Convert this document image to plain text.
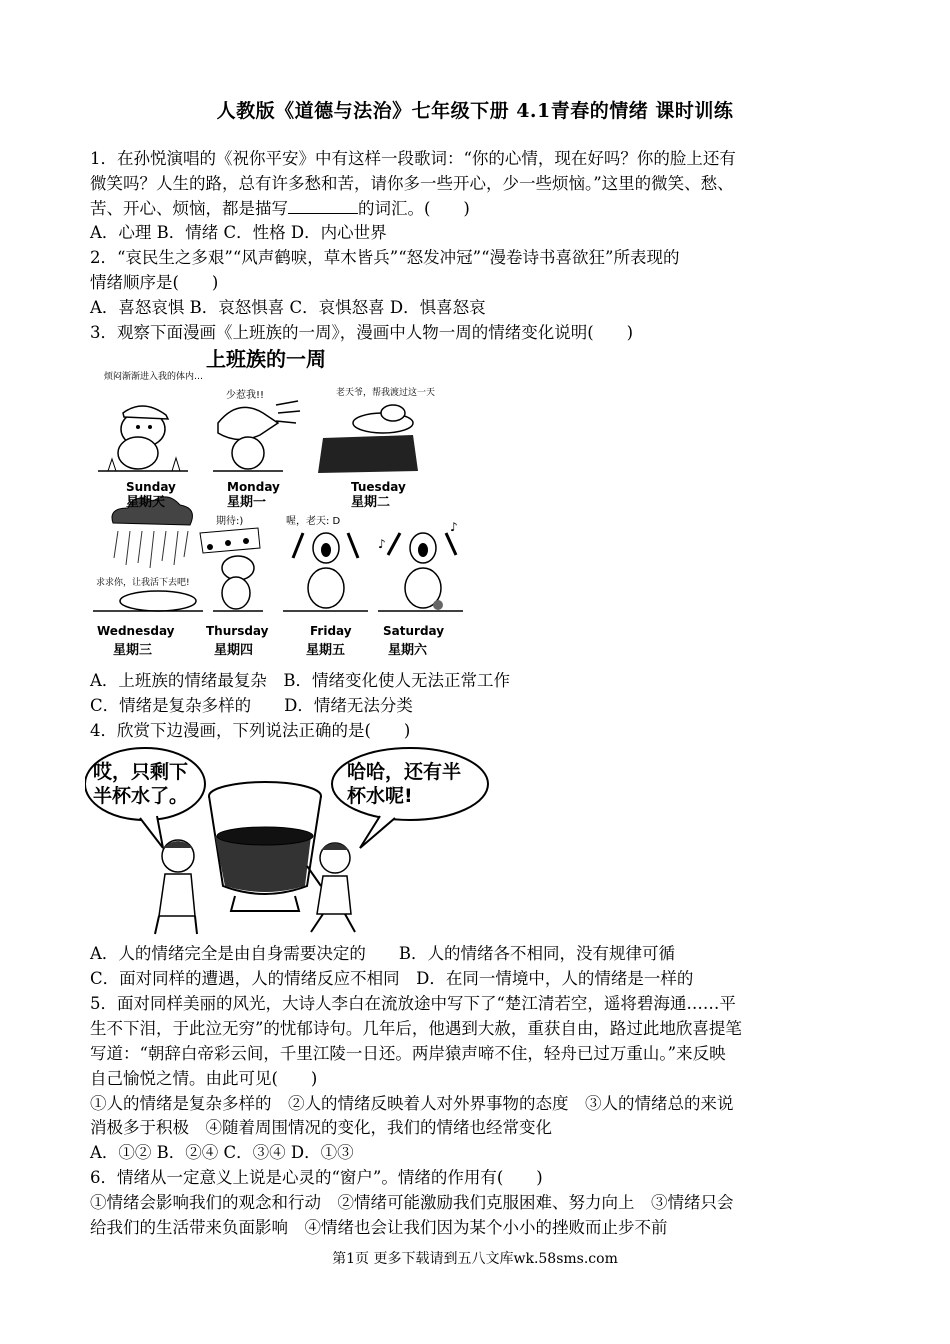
人教版《道德与法治》七年级下册 4.1青春的情绪 课时训练
1．在孙悦演唱的《祝你平安》中有这样一段歌词：“你的心情，现在好吗？你的脸上还有
微笑吗？人生的路，总有许多愁和苦，请你多一些开心，少一些烦恼。”这里的微笑、愁、
苦、开心、烦恼，都是描写	的词汇。(　　)
A．心理 B．情绪 C．性格 D．内心世界
2．“哀民生之多艰”“风声鹤唳，草木皆兵”“怒发冲冠”“漫卷诗书喜欲狂”所表现的
情绪顺序是(　　)
A．喜怒哀惧 B．哀怒惧喜 C．哀惧怒喜 D．惧喜怒哀
3．观察下面漫画《上班族的一周》，漫画中人物一周的情绪变化说明(　　)
上班族的一周
烦闷渐渐进入我的体内…
少惹我!!	老天爷，帮我渡过这一天
求求你，让我活下去吧!
期待:)	喔，老天: D
♪
♪
Sunday
星期天
Monday
星期一
Tuesday
星期二
Wednesday
星期三
Thursday
星期四
Friday
星期五
Saturday
星期六
A．上班族的情绪最复杂　B．情绪变化使人无法正常工作
C．情绪是复杂多样的　　D．情绪无法分类
4．欣赏下边漫画，下列说法正确的是(　　)
哎，只剩下
半杯水了。
哈哈，还有半
杯水呢!
A．人的情绪完全是由自身需要决定的　　B．人的情绪各不相同，没有规律可循
C．面对同样的遭遇，人的情绪反应不相同　D．在同一情境中，人的情绪是一样的
5．面对同样美丽的风光，大诗人李白在流放途中写下了“楚江清若空，遥将碧海通……平
生不下泪，于此泣无穷”的忧郁诗句。几年后，他遇到大赦，重获自由，路过此地欣喜提笔
写道：“朝辞白帝彩云间，千里江陵一日还。两岸猿声啼不住，轻舟已过万重山。”来反映
自己愉悦之情。由此可见(　　)
①人的情绪是复杂多样的　②人的情绪反映着人对外界事物的态度　③人的情绪总的来说
消极多于积极　④随着周围情况的变化，我们的情绪也经常变化
A．①② B．②④ C．③④ D．①③
6．情绪从一定意义上说是心灵的“窗户”。情绪的作用有(　　)
①情绪会影响我们的观念和行动　②情绪可能激励我们克服困难、努力向上　③情绪只会
给我们的生活带来负面影响　④情绪也会让我们因为某个小小的挫败而止步不前
第1页 更多下载请到五八文库wk.58sms.com
